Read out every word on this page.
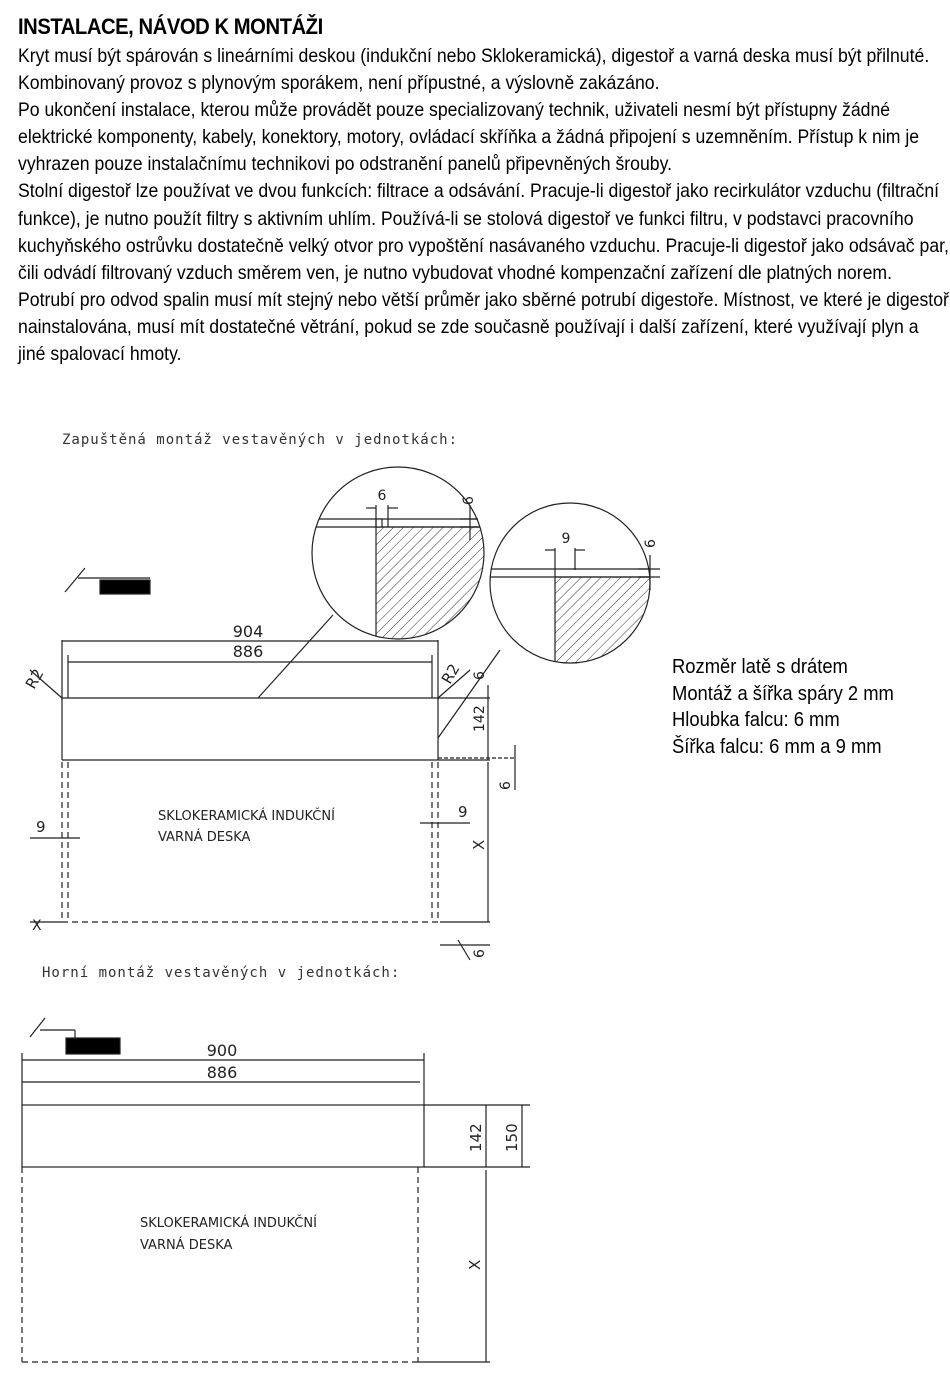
INSTALACE, NÁVOD K MONTÁŽI

Kryt musí být spárován s lineárními deskou (indukční nebo Sklokeramická), digestoř a varná deska musí být přilnuté. Kombinovaný provoz s plynovým sporákem, není přípustné, a výslovně zakázáno.

Po ukončení instalace, kterou může provádět pouze specializovaný technik, uživateli nesmí být přístupny žádné elektrické komponenty, kabely, konektory, motory, ovládací skříňka a žádná připojení s uzemněním. Přístup k nim je vyhrazen pouze instalačnímu technikovi po odstranění panelů připevněných šrouby.

Stolní digestoř lze používat ve dvou funkcích: filtrace a odsávání. Pracuje-li digestoř jako recirkulátor vzduchu (filtrační funkce), je nutno použít filtry s aktivním uhlím. Používá-li se stolová digestoř ve funkci filtru, v podstavci pracovního kuchyňského ostrůvku dostatečně velký otvor pro vypoštění nasávaného vzduchu. Pracuje-li digestoř jako odsávač par, čili odvádí filtrovaný vzduch směrem ven, je nutno vybudovat vhodné kompenzační zařízení dle platných norem. Potrubí pro odvod spalin musí mít stejný nebo větší průměr jako sběrné potrubí digestoře. Místnost, ve které je digestoř nainstalována, musí mít dostatečné větrání, pokud se zde současně používají i další zařízení, které využívají plyn a jiné spalovací hmoty.

Zapuštěná montáž vestavěných v jednotkách:
Horní montáž vestavěných v jednotkách:
Rozměr latě s drátem
Montáž a šířka spáry 2 mm
Hloubka falcu: 6 mm
Šířka falcu: 6 mm a 9 mm
904
886
R2	R2 6
142
6
9
9
X
X
6
6	6
9	6
SKLOKERAMICKÁ INDUKČNÍ
VARNÁ DESKA
900
886
142 150
X
SKLOKERAMICKÁ INDUKČNÍ
VARNÁ DESKA
